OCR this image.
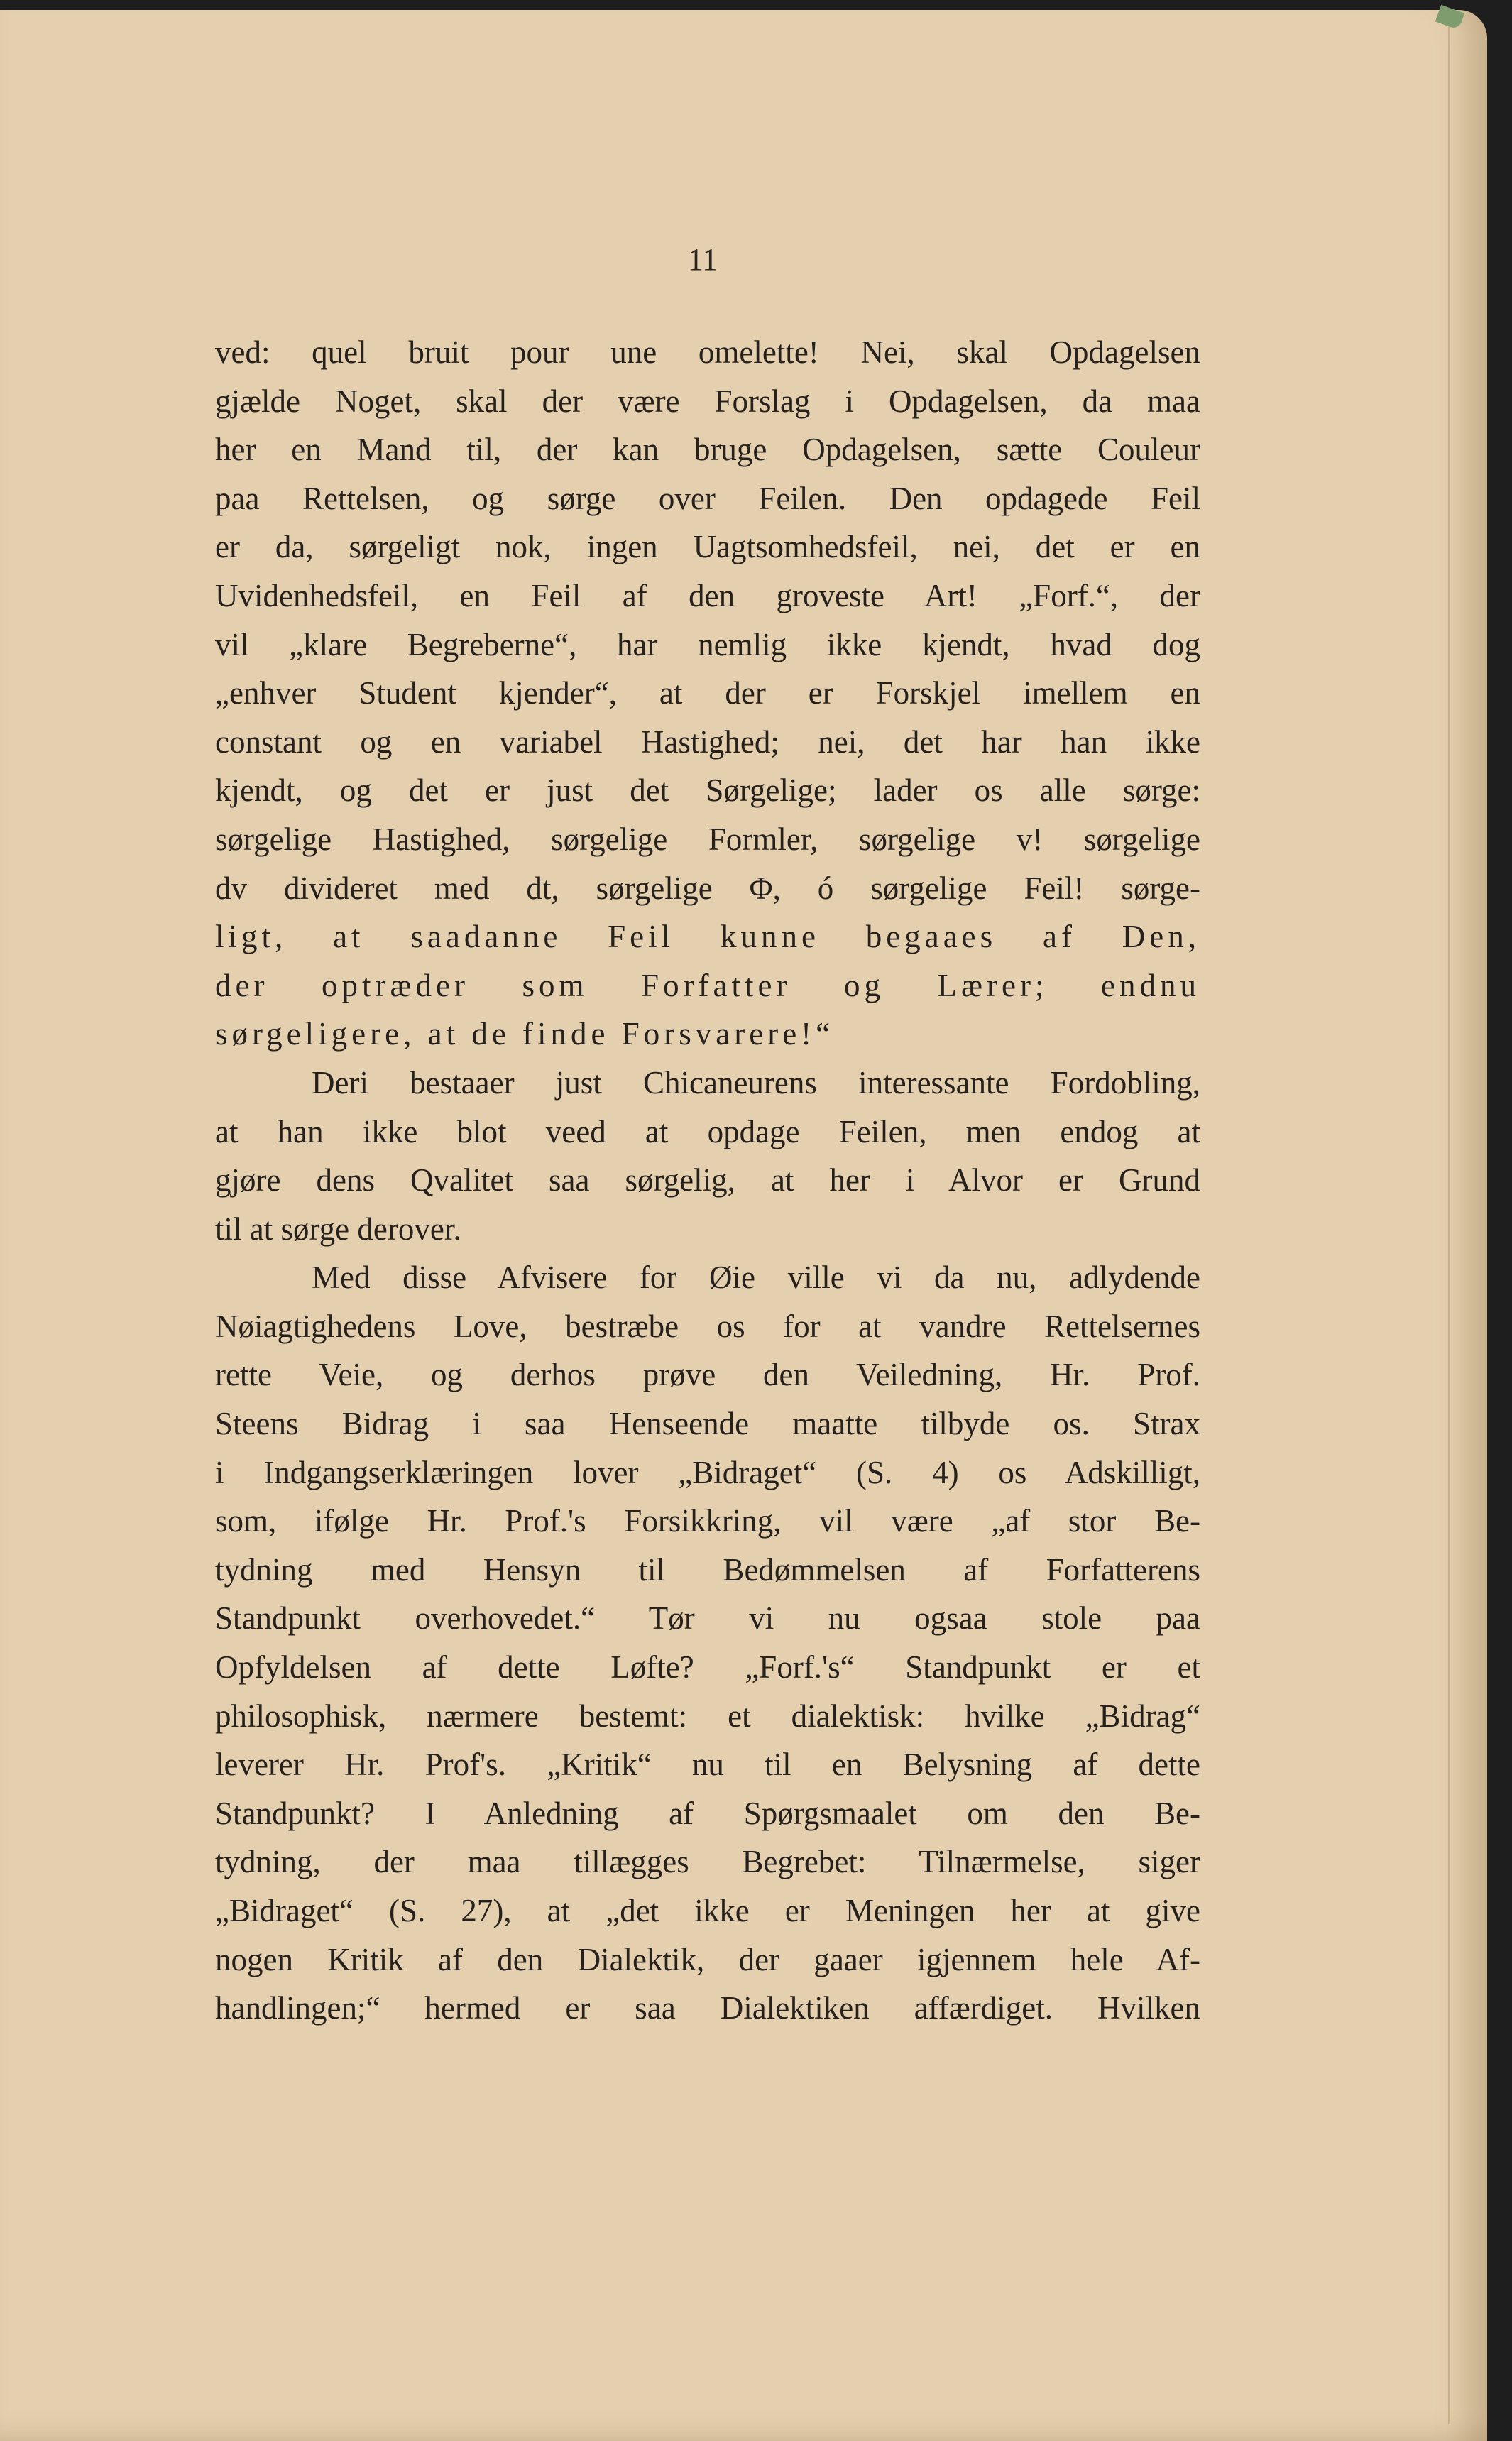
11
ved: quel bruit pour une omelette! Nei, skal Opdagelsen
gjælde Noget, skal der være Forslag i Opdagelsen, da maa
her en Mand til, der kan bruge Opdagelsen, sætte Couleur
paa Rettelsen, og sørge over Feilen. Den opdagede Feil
er da, sørgeligt nok, ingen Uagtsomhedsfeil, nei, det er en
Uvidenhedsfeil, en Feil af den groveste Art! „Forf.“, der
vil „klare Begreberne“, har nemlig ikke kjendt, hvad dog
„enhver Student kjender“, at der er Forskjel imellem en
constant og en variabel Hastighed; nei, det har han ikke
kjendt, og det er just det Sørgelige; lader os alle sørge:
sørgelige Hastighed, sørgelige Formler, sørgelige v! sørgelige
dv divideret med dt, sørgelige Φ, ó sørgelige Feil! sørge-
ligt, at saadanne Feil kunne begaaes af Den,
der optræder som Forfatter og Lærer; endnu
sørgeligere, at de finde Forsvarere!“
Deri bestaaer just Chicaneurens interessante Fordobling,
at han ikke blot veed at opdage Feilen, men endog at
gjøre dens Qvalitet saa sørgelig, at her i Alvor er Grund
til at sørge derover.
Med disse Afvisere for Øie ville vi da nu, adlydende
Nøiagtighedens Love, bestræbe os for at vandre Rettelsernes
rette Veie, og derhos prøve den Veiledning, Hr. Prof.
Steens Bidrag i saa Henseende maatte tilbyde os. Strax
i Indgangserklæringen lover „Bidraget“ (S. 4) os Adskilligt,
som, ifølge Hr. Prof.'s Forsikkring, vil være „af stor Be-
tydning med Hensyn til Bedømmelsen af Forfatterens
Standpunkt overhovedet.“ Tør vi nu ogsaa stole paa
Opfyldelsen af dette Løfte? „Forf.'s“ Standpunkt er et
philosophisk, nærmere bestemt: et dialektisk: hvilke „Bidrag“
leverer Hr. Prof's. „Kritik“ nu til en Belysning af dette
Standpunkt? I Anledning af Spørgsmaalet om den Be-
tydning, der maa tillægges Begrebet: Tilnærmelse, siger
„Bidraget“ (S. 27), at „det ikke er Meningen her at give
nogen Kritik af den Dialektik, der gaaer igjennem hele Af-
handlingen;“ hermed er saa Dialektiken affærdiget. Hvilken
